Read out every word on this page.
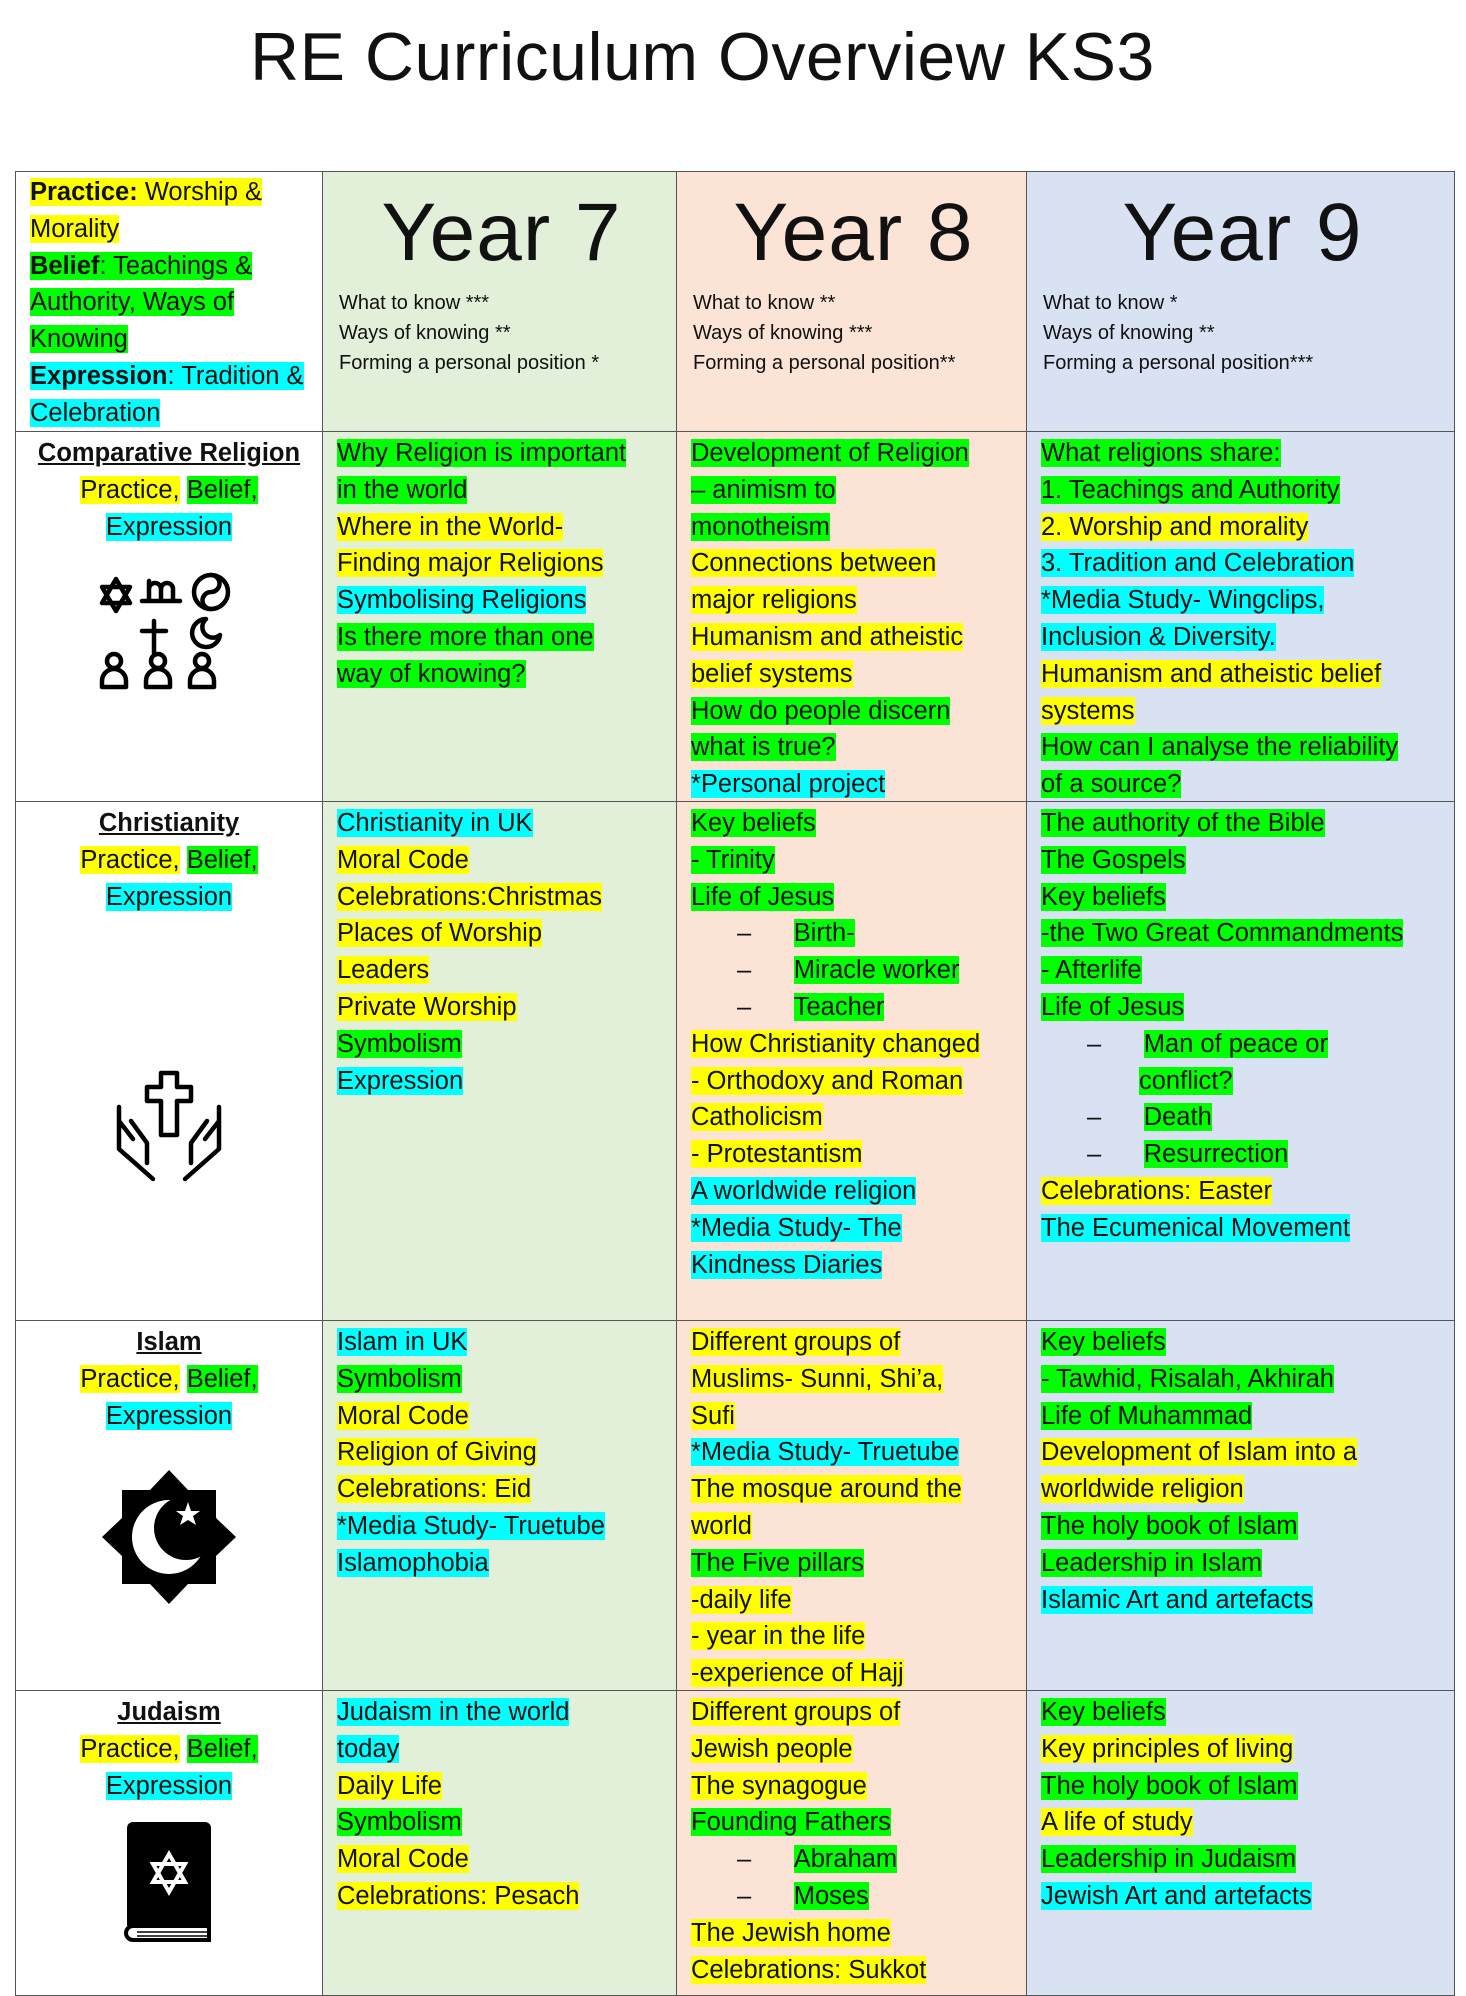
RE Curriculum Overview KS3
Practice: Worship & Morality
Belief: Teachings & Authority, Ways of Knowing
Expression: Tradition & Celebration
Year 7
What to know ***
Ways of knowing **
Forming a personal position *
Year 8
What to know **
Ways of knowing ***
Forming a personal position**
Year 9
What to know *
Ways of knowing **
Forming a personal position***
Comparative Religion
Practice, Belief,
Expression
Why Religion is important
in the world
Where in the World-
Finding major Religions
Symbolising Religions
Is there more than one
way of knowing?
Development of Religion
– animism to
monotheism
Connections between
major religions
Humanism and atheistic
belief systems
How do people discern
what is true?
*Personal project
What religions share:
1. Teachings and Authority
2. Worship and morality
3. Tradition and Celebration
*Media Study- Wingclips,
Inclusion & Diversity.
Humanism and atheistic belief
systems
How can I analyse the reliability
of a source?
Christianity
Practice, Belief,
Expression
Christianity in UK
Moral Code
Celebrations:Christmas
Places of Worship
Leaders
Private Worship
Symbolism
Expression
Key beliefs
- Trinity
Life of Jesus
–      Birth-
–      Miracle worker
–      Teacher
How Christianity changed
- Orthodoxy and Roman
Catholicism
- Protestantism
A worldwide religion
*Media Study- The
Kindness Diaries
The authority of the Bible
The Gospels
Key beliefs
-the Two Great Commandments
- Afterlife
Life of Jesus
–      Man of peace or
conflict?
–      Death
–      Resurrection
Celebrations: Easter
The Ecumenical Movement
Islam
Practice, Belief,
Expression
Islam in UK
Symbolism
Moral Code
Religion of Giving
Celebrations: Eid
*Media Study- Truetube
Islamophobia
Different groups of
Muslims- Sunni, Shi’a,
Sufi
*Media Study- Truetube
The mosque around the
world
The Five pillars
-daily life
- year in the life
-experience of Hajj
Key beliefs
- Tawhid, Risalah, Akhirah
Life of Muhammad
Development of Islam into a
worldwide religion
The holy book of Islam
Leadership in Islam
Islamic Art and artefacts
Judaism
Practice, Belief,
Expression
Judaism in the world
today
Daily Life
Symbolism
Moral Code
Celebrations: Pesach
Different groups of
Jewish people
The synagogue
Founding Fathers
–      Abraham
–      Moses
The Jewish home
Celebrations: Sukkot
Key beliefs
Key principles of living
The holy book of Islam
A life of study
Leadership in Judaism
Jewish Art and artefacts
